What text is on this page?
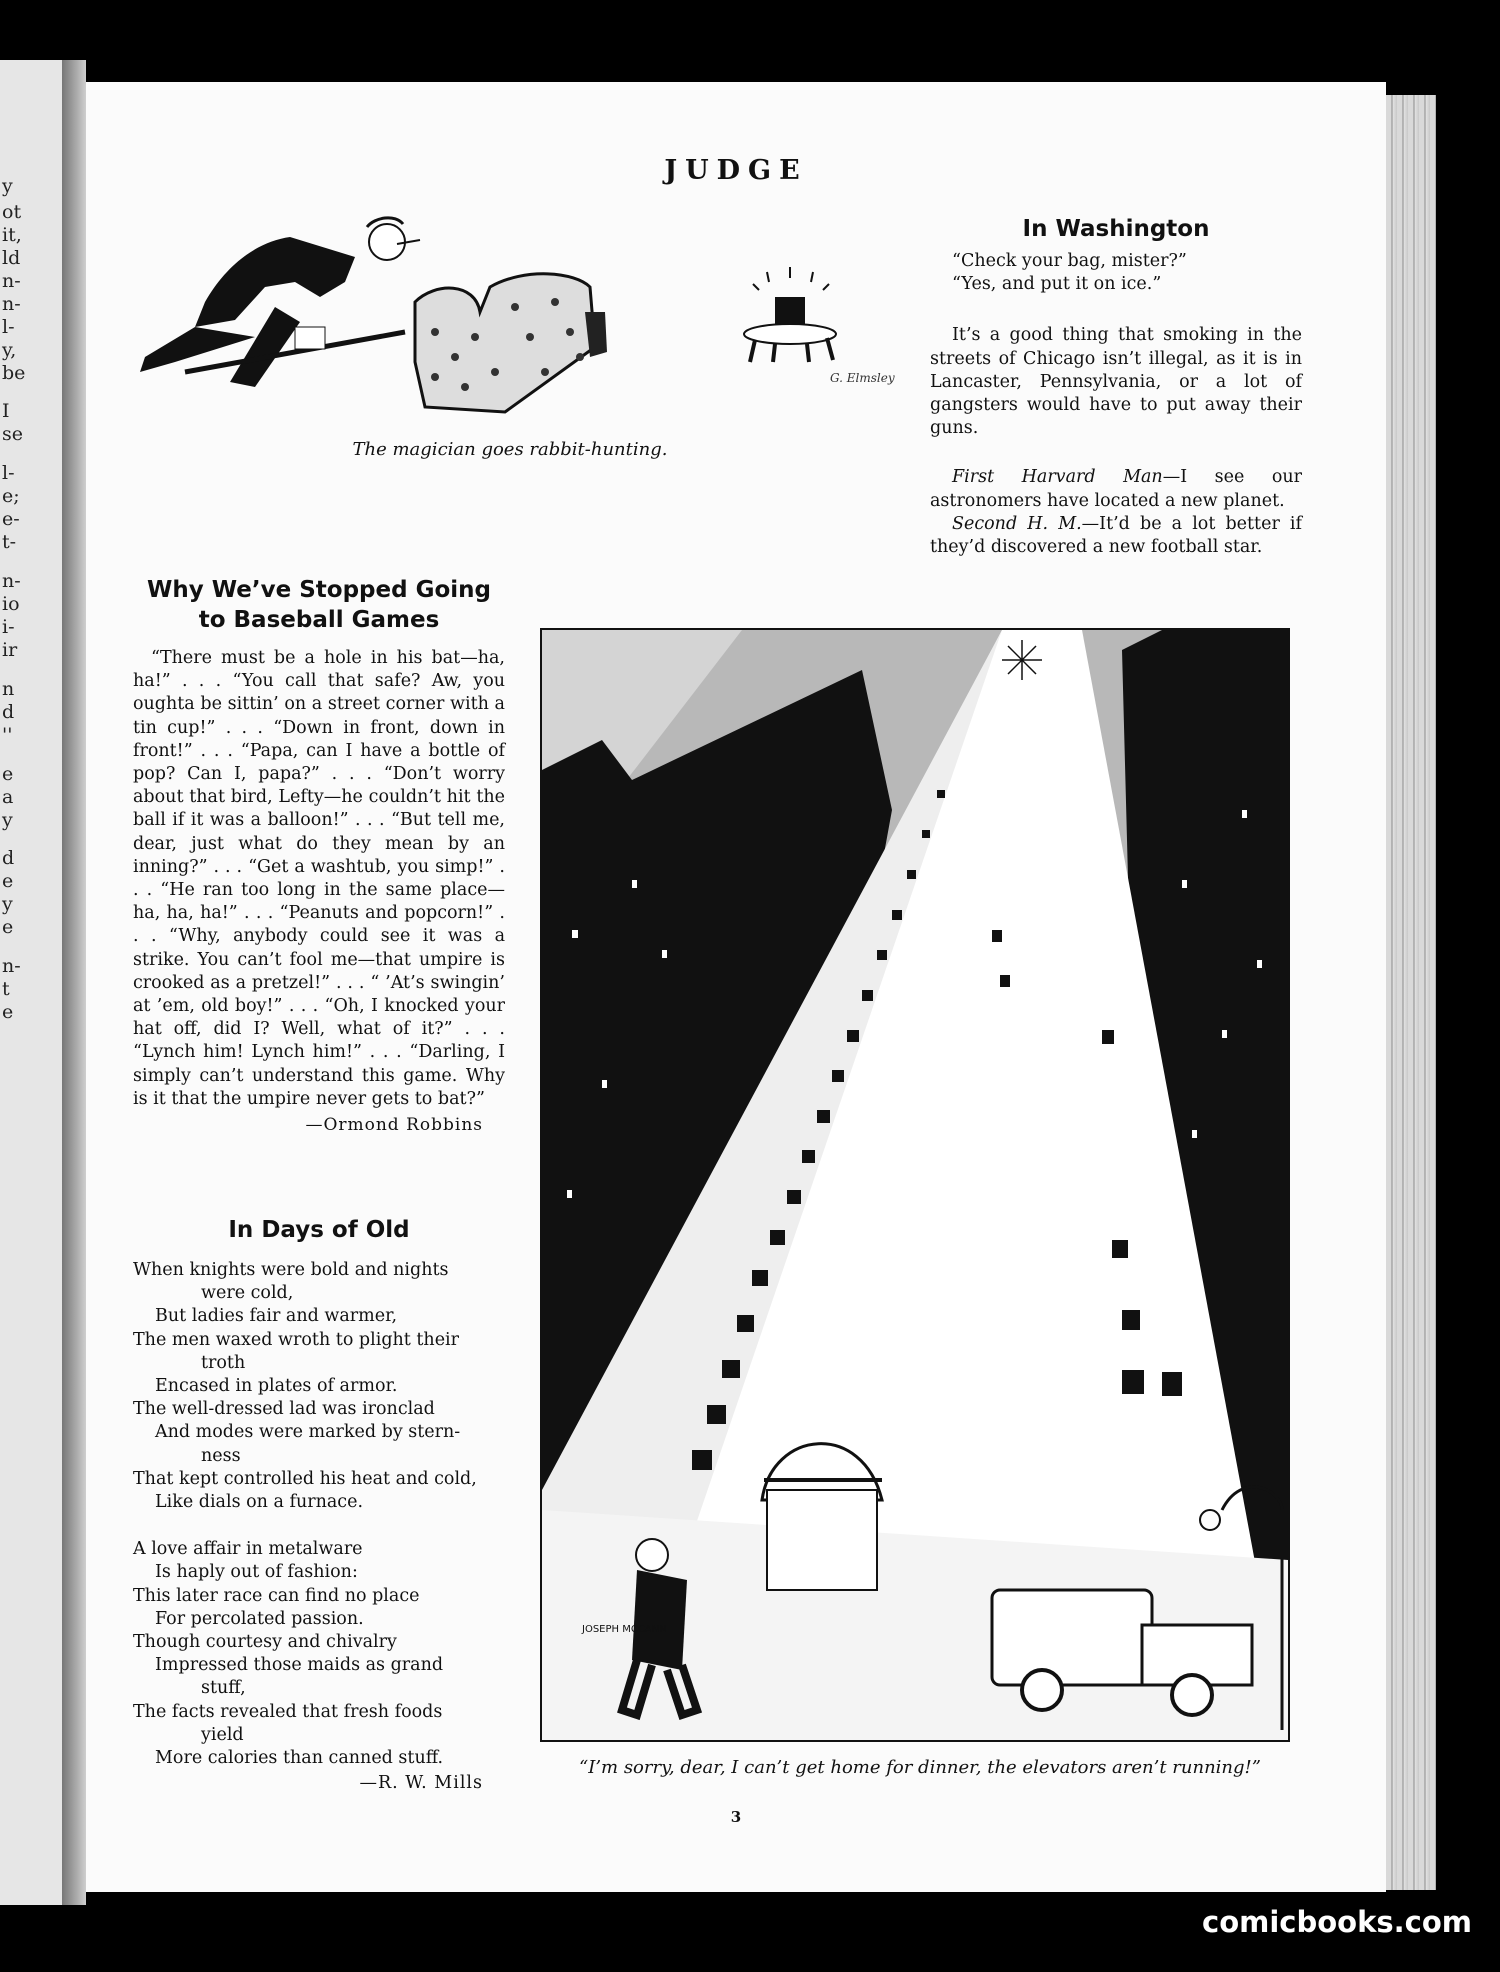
y
ot
it,
ld
n-
n-
l-
y,
be
I
se
l-
e;
e-
t-
n-
io
i-
ir
n
d
''
e
a
y
d
e
y
e
n-
t
e
JUDGE
G. Elmsley
The magician goes rabbit-hunting.
In Washington
“Check your bag, mister?”
“Yes, and put it on ice.”

It’s a good thing that smoking in the streets of Chicago isn’t illegal, as it is in Lancaster, Pennsylvania, or a lot of gangsters would have to put away their guns.

First Harvard Man—I see our astronomers have located a new planet.

Second H. M.—It’d be a lot better if they’d discovered a new football star.

Why We’ve Stopped Going to Baseball Games

“There must be a hole in his bat—ha, ha!” . . . “You call that safe? Aw, you oughta be sittin’ on a street corner with a tin cup!” . . . “Down in front, down in front!” . . . “Papa, can I have a bottle of pop? Can I, papa?” . . . “Don’t worry about that bird, Lefty—he couldn’t hit the ball if it was a balloon!” . . . “But tell me, dear, just what do they mean by an inning?” . . . “Get a washtub, you simp!” . . . “He ran too long in the same place—ha, ha, ha!” . . . “Peanuts and popcorn!” . . . “Why, anybody could see it was a strike. You can’t fool me—that umpire is crooked as a pretzel!” . . . “ ’At’s swingin’ at ’em, old boy!” . . . “Oh, I knocked your hat off, did I? Well, what of it?” . . . “Lynch him! Lynch him!” . . . “Darling, I simply can’t understand this game. Why is it that the umpire never gets to bat?”

—Ormond Robbins
In Days of Old
When knights were bold and nights
were cold,
But ladies fair and warmer,
The men waxed wroth to plight their
troth
Encased in plates of armor.
The well-dressed lad was ironclad
And modes were marked by stern-
ness
That kept controlled his heat and cold,
Like dials on a furnace.
A love affair in metalware
Is haply out of fashion:
This later race can find no place
For percolated passion.
Though courtesy and chivalry
Impressed those maids as grand
stuff,
The facts revealed that fresh foods
yield
More calories than canned stuff.
—R. W. Mills
JOSEPH MCCANN
“I’m sorry, dear, I can’t get home for dinner, the elevators aren’t running!”
3
comicbooks.com
